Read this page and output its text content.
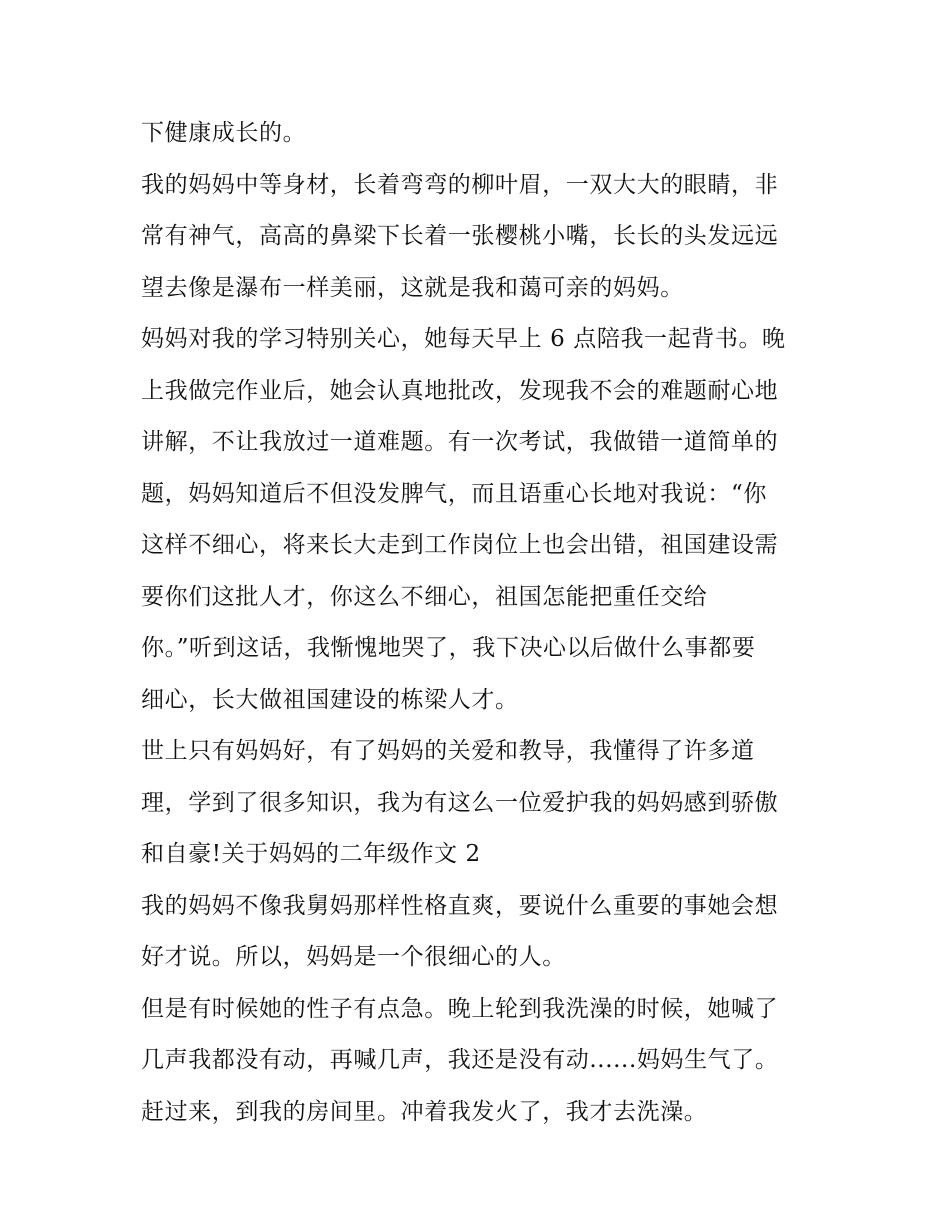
下健康成长的。
我的妈妈中等身材，长着弯弯的柳叶眉，一双大大的眼睛，非
常有神气，高高的鼻梁下长着一张樱桃小嘴，长长的头发远远
望去像是瀑布一样美丽，这就是我和蔼可亲的妈妈。
妈妈对我的学习特别关心，她每天早上 6 点陪我一起背书。晚
上我做完作业后，她会认真地批改，发现我不会的难题耐心地
讲解，不让我放过一道难题。有一次考试，我做错一道简单的
题，妈妈知道后不但没发脾气，而且语重心长地对我说：“你
这样不细心，将来长大走到工作岗位上也会出错，祖国建设需
要你们这批人才，你这么不细心，祖国怎能把重任交给
你。”听到这话，我惭愧地哭了，我下决心以后做什么事都要
细心，长大做祖国建设的栋梁人才。
世上只有妈妈好，有了妈妈的关爱和教导，我懂得了许多道
理，学到了很多知识，我为有这么一位爱护我的妈妈感到骄傲
和自豪!关于妈妈的二年级作文 2
我的妈妈不像我舅妈那样性格直爽，要说什么重要的事她会想
好才说。所以，妈妈是一个很细心的人。
但是有时候她的性子有点急。晚上轮到我洗澡的时候，她喊了
几声我都没有动，再喊几声，我还是没有动......妈妈生气了。
赶过来，到我的房间里。冲着我发火了，我才去洗澡。
